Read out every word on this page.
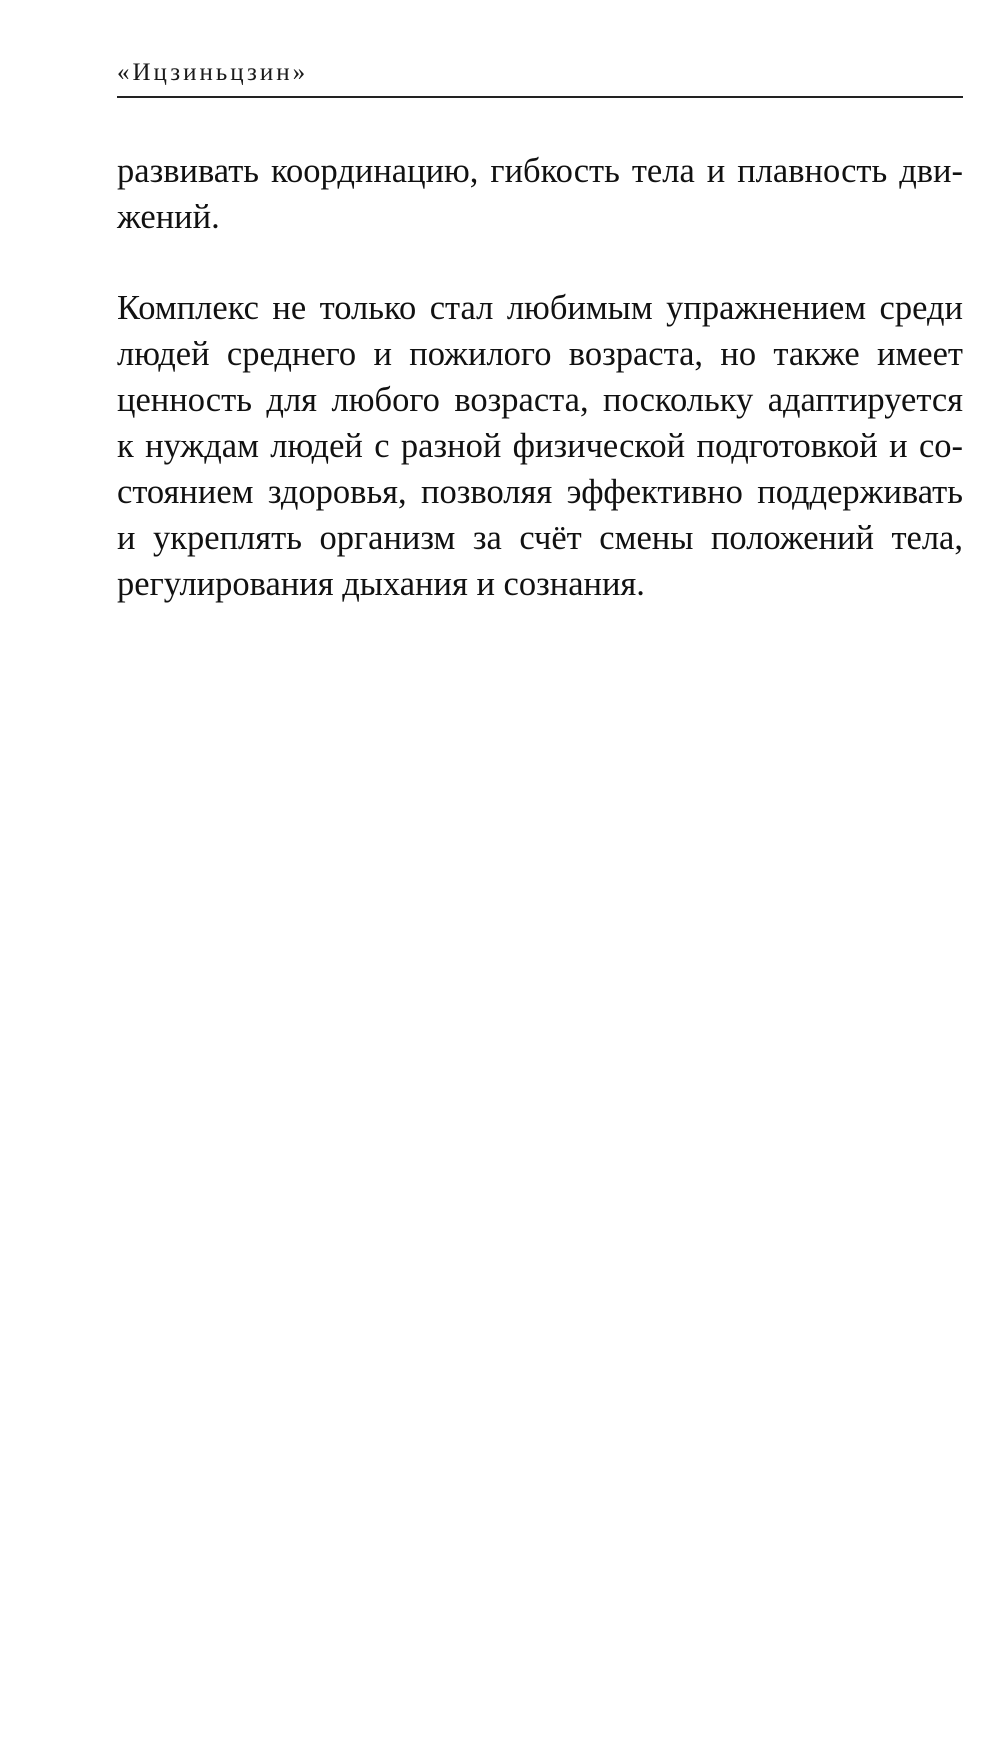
«Ицзиньцзин»
развивать координацию, гибкость тела и плавность дви-
жений.
Комплекс не только стал любимым упражнением среди
людей среднего и пожилого возраста, но также имеет
ценность для любого возраста, поскольку адаптируется
к нуждам людей с разной физической подготовкой и со-
стоянием здоровья, позволяя эффективно поддерживать
и укреплять организм за счёт смены положений тела,
регулирования дыхания и сознания.
